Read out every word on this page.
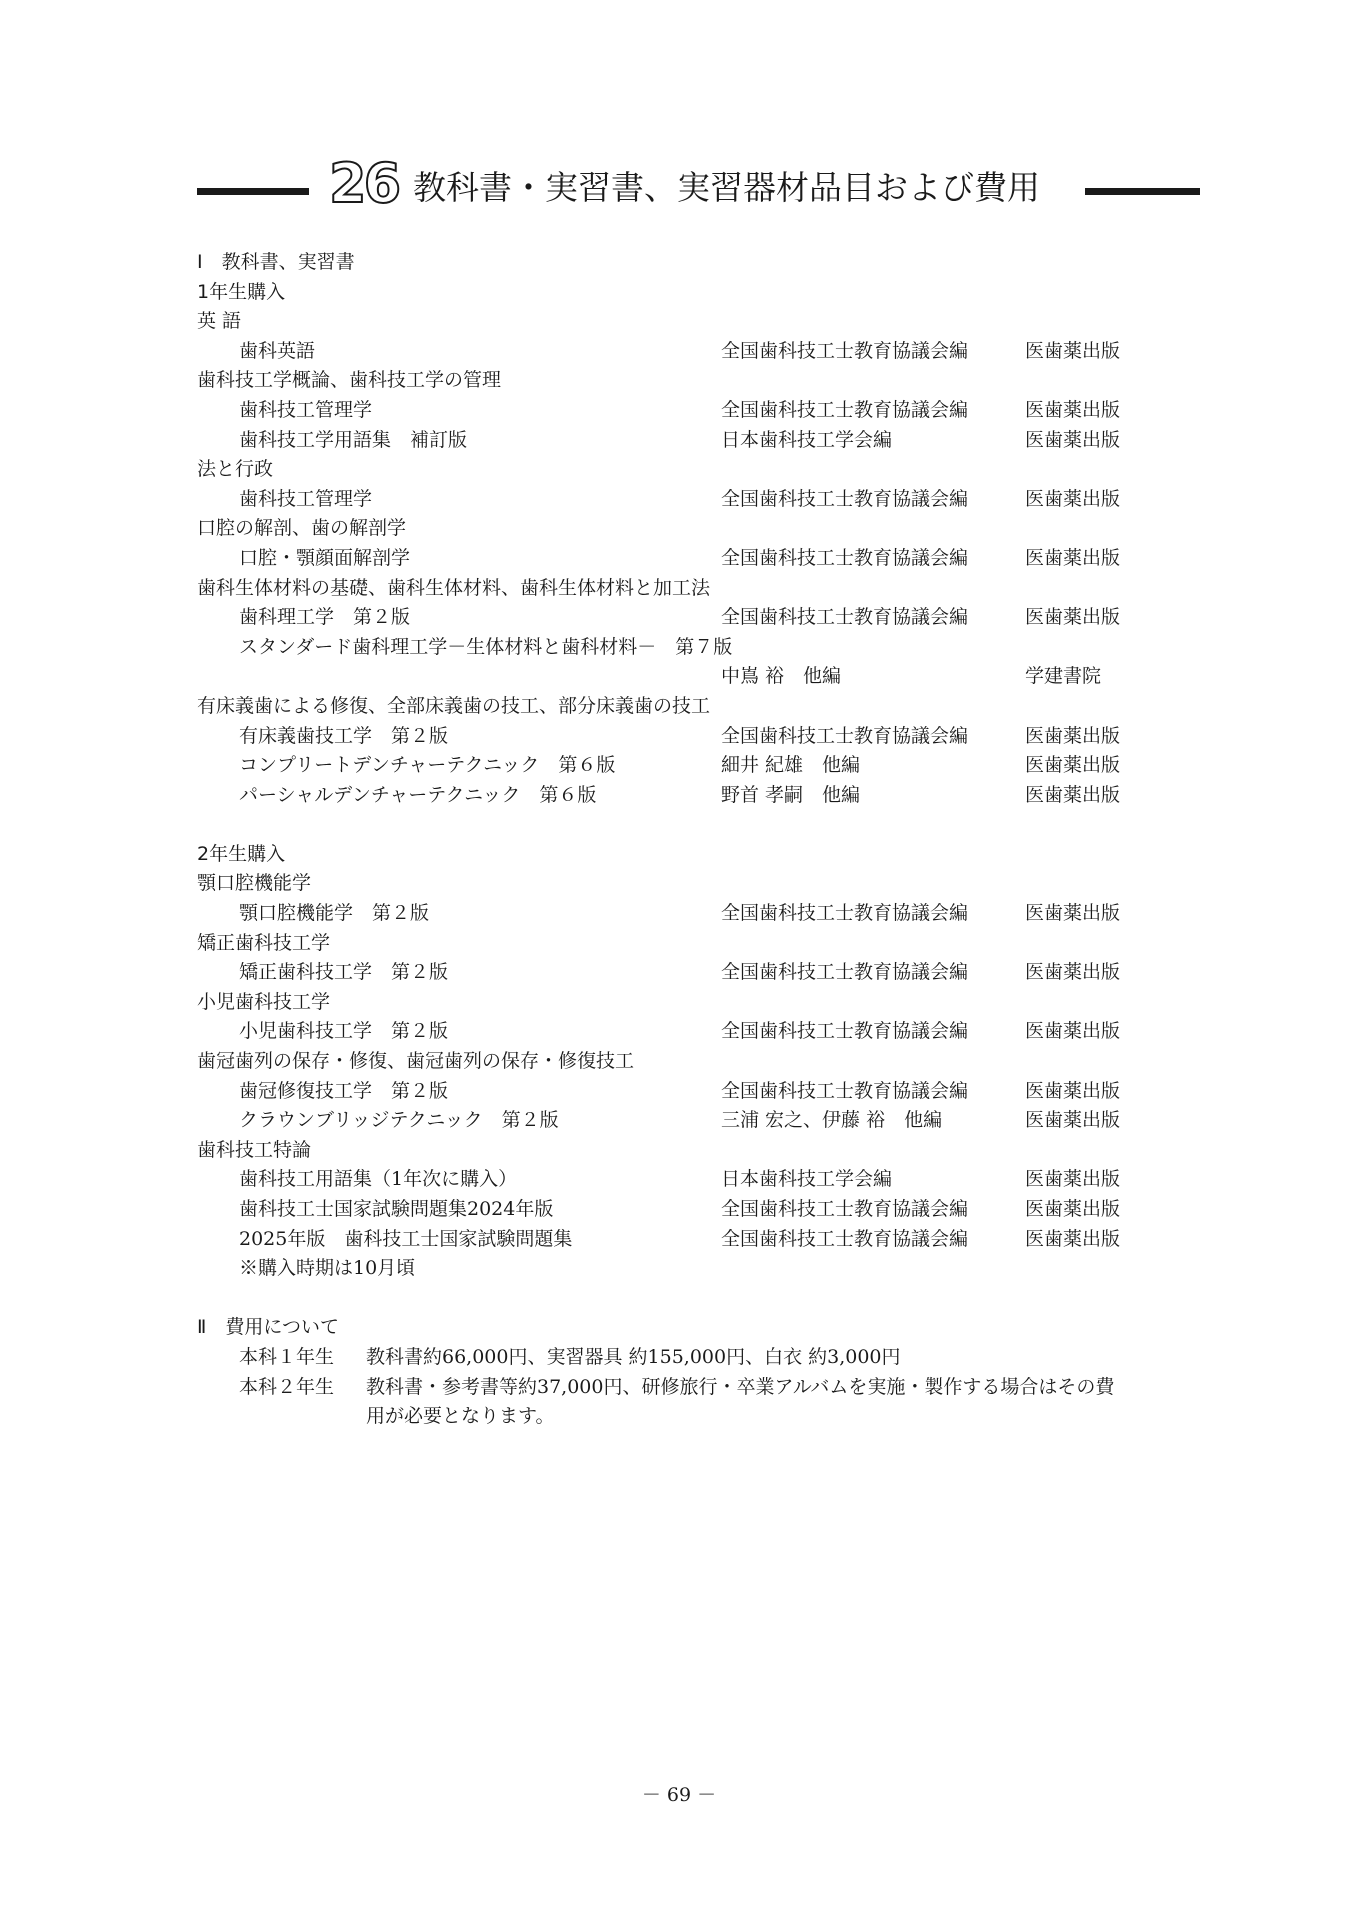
26 教科書・実習書、実習器材品目および費用
Ⅰ　教科書、実習書
1年生購入
英 語
歯科英語	全国歯科技工士教育協議会編	医歯薬出版
歯科技工学概論、歯科技工学の管理
歯科技工管理学	全国歯科技工士教育協議会編	医歯薬出版
歯科技工学用語集　補訂版	日本歯科技工学会編	医歯薬出版
法と行政
歯科技工管理学	全国歯科技工士教育協議会編	医歯薬出版
口腔の解剖、歯の解剖学
口腔・顎顔面解剖学	全国歯科技工士教育協議会編	医歯薬出版
歯科生体材料の基礎、歯科生体材料、歯科生体材料と加工法
歯科理工学　第２版	全国歯科技工士教育協議会編	医歯薬出版
スタンダード歯科理工学－生体材料と歯科材料－　第７版
中嶌 裕　他編	学建書院
有床義歯による修復、全部床義歯の技工、部分床義歯の技工
有床義歯技工学　第２版	全国歯科技工士教育協議会編	医歯薬出版
コンプリートデンチャーテクニック　第６版	細井 紀雄　他編	医歯薬出版
パーシャルデンチャーテクニック　第６版	野首 孝嗣　他編	医歯薬出版
2年生購入
顎口腔機能学
顎口腔機能学　第２版	全国歯科技工士教育協議会編	医歯薬出版
矯正歯科技工学
矯正歯科技工学　第２版	全国歯科技工士教育協議会編	医歯薬出版
小児歯科技工学
小児歯科技工学　第２版	全国歯科技工士教育協議会編	医歯薬出版
歯冠歯列の保存・修復、歯冠歯列の保存・修復技工
歯冠修復技工学　第２版	全国歯科技工士教育協議会編	医歯薬出版
クラウンブリッジテクニック　第２版	三浦 宏之、伊藤 裕　他編	医歯薬出版
歯科技工特論
歯科技工用語集（1年次に購入）	日本歯科技工学会編	医歯薬出版
歯科技工士国家試験問題集2024年版	全国歯科技工士教育協議会編	医歯薬出版
2025年版　歯科技工士国家試験問題集	全国歯科技工士教育協議会編	医歯薬出版
※購入時期は10月頃
Ⅱ　費用について
本科１年生 教科書約66,000円、実習器具 約155,000円、白衣 約3,000円
本科２年生 教科書・参考書等約37,000円、研修旅行・卒業アルバムを実施・製作する場合はその費
用が必要となります。
－ 69 －
